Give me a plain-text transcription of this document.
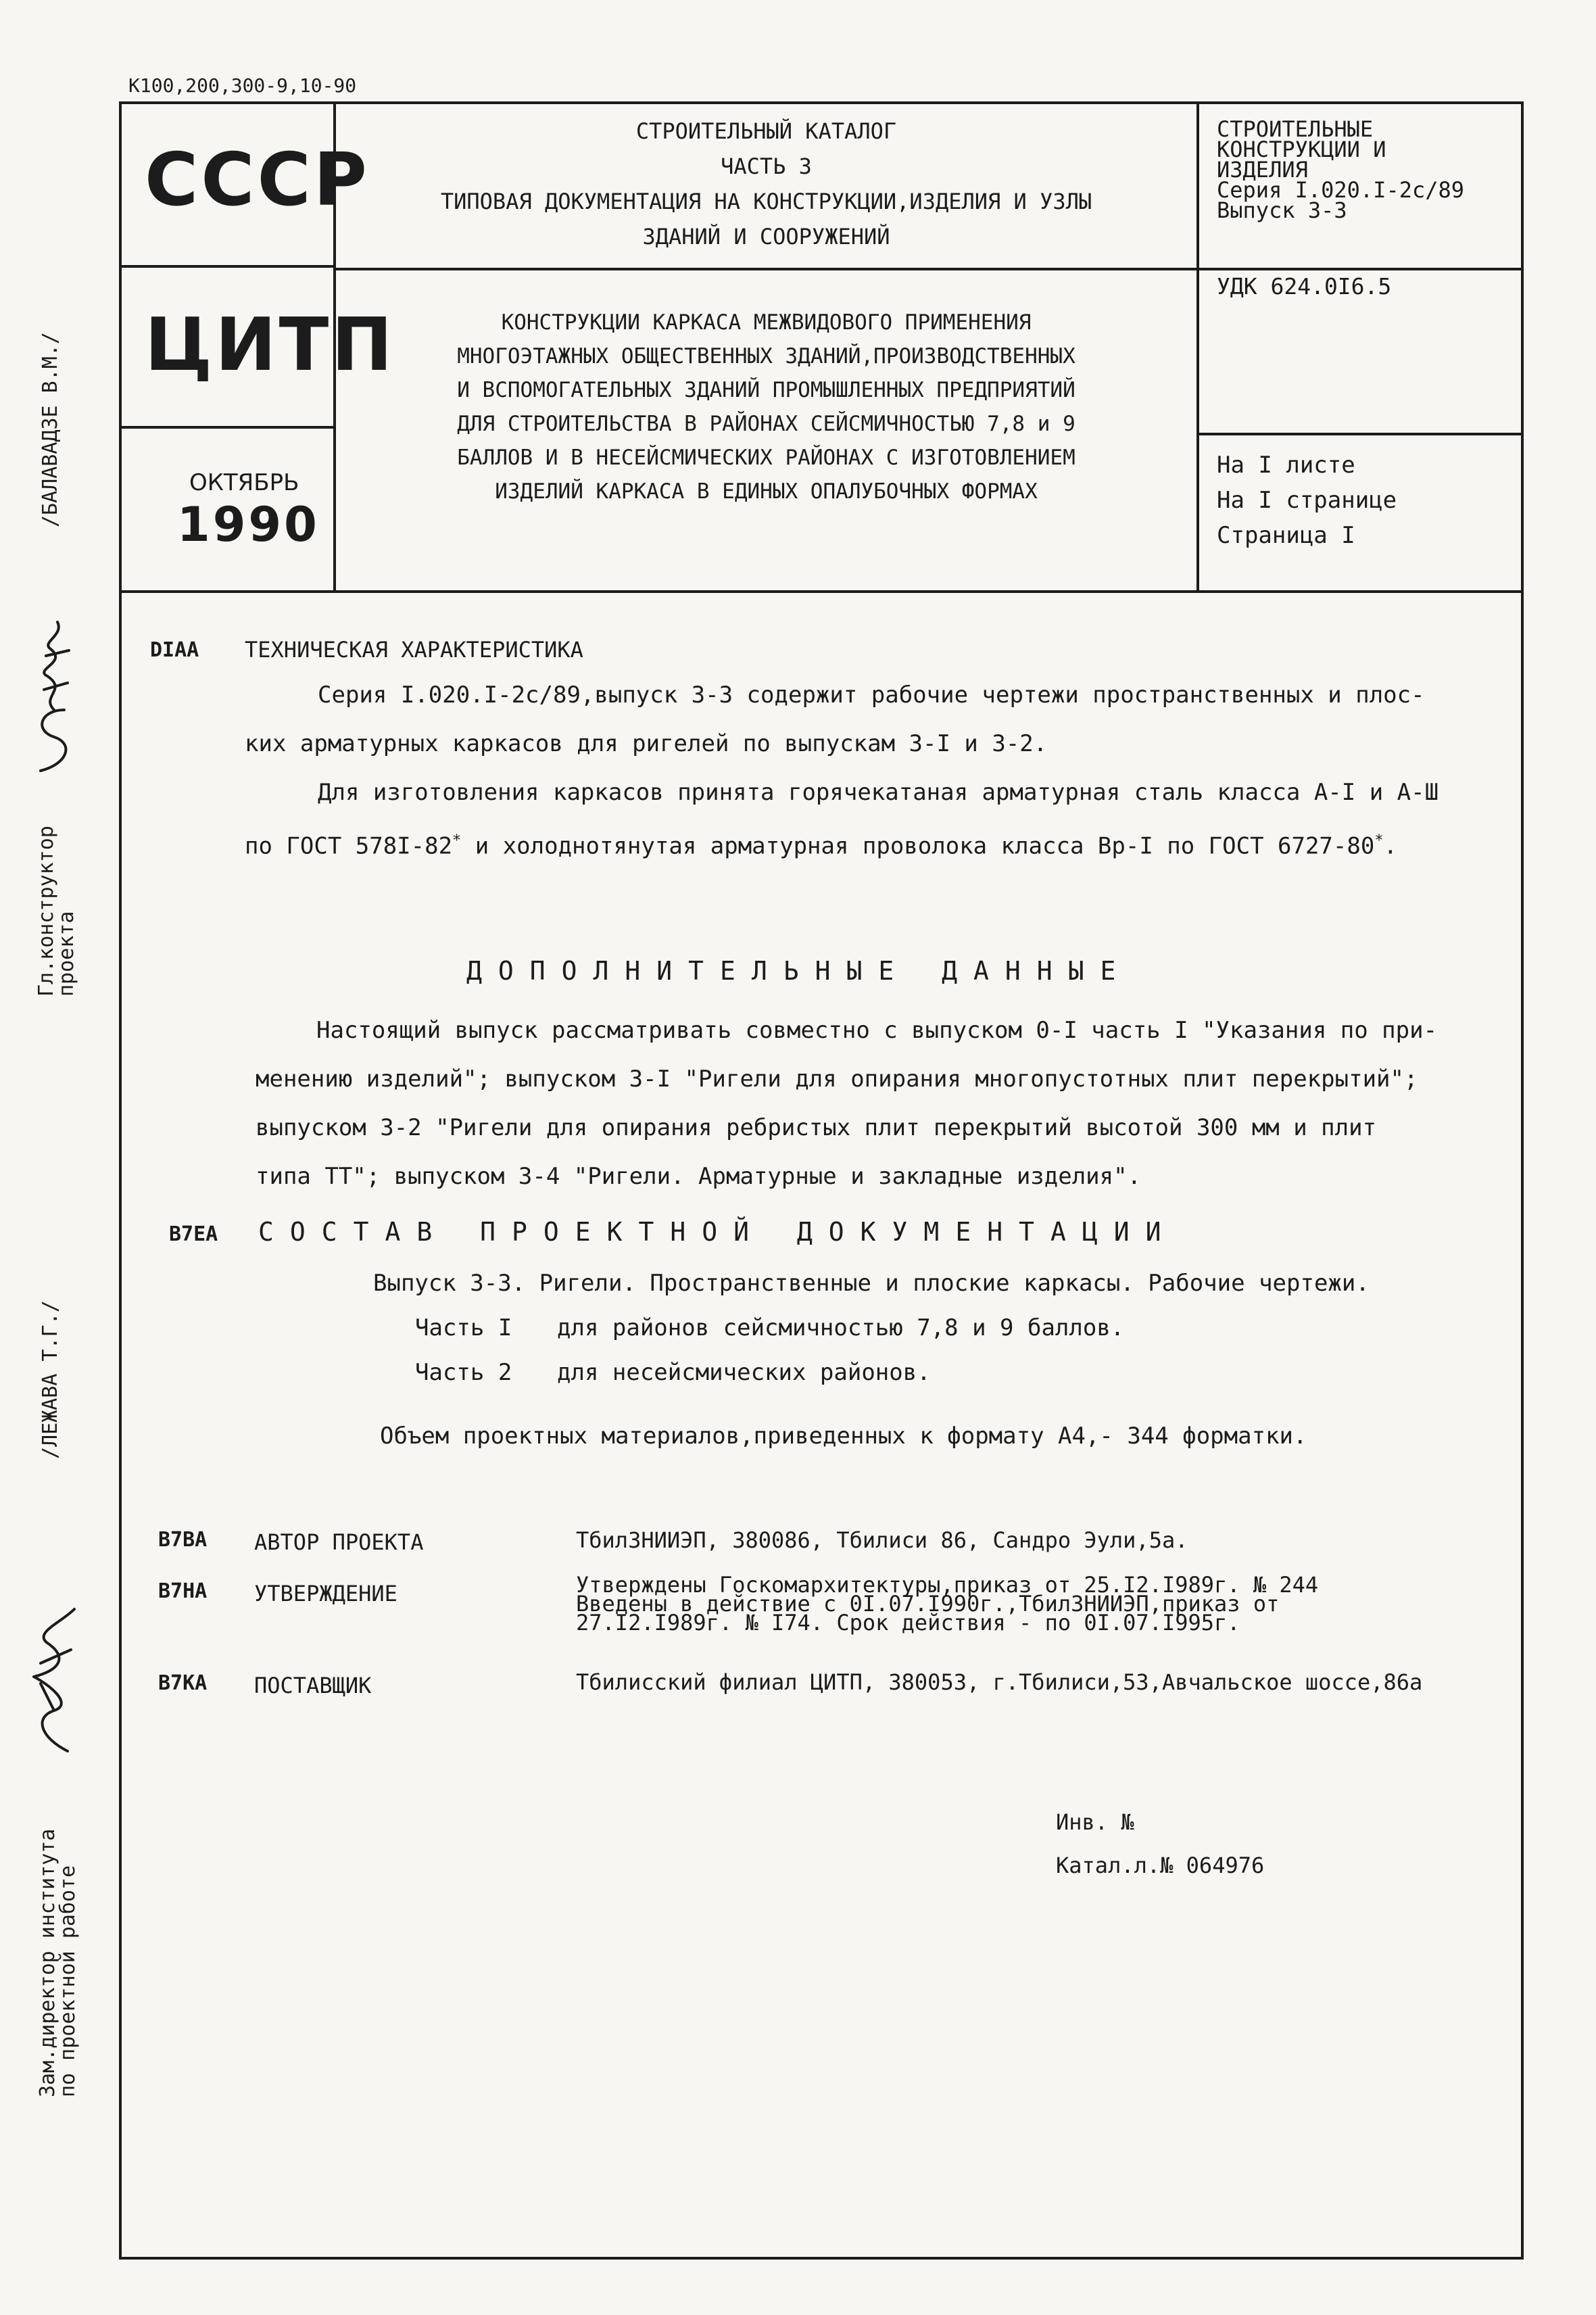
К100,200,300-9,10-90
СССР
ЦИТП
ОКТЯБРЬ
1990
СТРОИТЕЛЬНЫЙ КАТАЛОГ
ЧАСТЬ 3
ТИПОВАЯ ДОКУМЕНТАЦИЯ НА КОНСТРУКЦИИ,ИЗДЕЛИЯ И УЗЛЫ
ЗДАНИЙ И СООРУЖЕНИЙ
КОНСТРУКЦИИ КАРКАСА МЕЖВИДОВОГО ПРИМЕНЕНИЯ
МНОГОЭТАЖНЫХ ОБЩЕСТВЕННЫХ ЗДАНИЙ,ПРОИЗВОДСТВЕННЫХ
И ВСПОМОГАТЕЛЬНЫХ ЗДАНИЙ ПРОМЫШЛЕННЫХ ПРЕДПРИЯТИЙ
ДЛЯ СТРОИТЕЛЬСТВА В РАЙОНАХ СЕЙСМИЧНОСТЬЮ 7,8 и 9
БАЛЛОВ И В НЕСЕЙСМИЧЕСКИХ РАЙОНАХ С ИЗГОТОВЛЕНИЕМ
ИЗДЕЛИЙ КАРКАСА В ЕДИНЫХ ОПАЛУБОЧНЫХ ФОРМАХ
СТРОИТЕЛЬНЫЕ
КОНСТРУКЦИИ И
ИЗДЕЛИЯ
Серия I.020.I-2с/89
Выпуск 3-3
УДК 624.0I6.5
На I листе
На I странице
Страница I
DIAA ТЕХНИЧЕСКАЯ ХАРАКТЕРИСТИКА
Серия I.020.I-2с/89,выпуск 3-3 содержит рабочие чертежи пространственных и плос-
ких арматурных каркасов для ригелей по выпускам 3-I и 3-2.
Для изготовления каркасов принята горячекатаная арматурная сталь класса А-I и А-Ш
по ГОСТ 578I-82* и холоднотянутая арматурная проволока класса Вр-I по ГОСТ 6727-80*.
ДОПОЛНИТЕЛЬНЫЕ ДАННЫЕ
Настоящий выпуск рассматривать совместно с выпуском 0-I часть I "Указания по при-
менению изделий"; выпуском 3-I "Ригели для опирания многопустотных плит перекрытий";
выпуском 3-2 "Ригели для опирания ребристых плит перекрытий высотой 300 мм и плит
типа ТТ"; выпуском 3-4 "Ригели. Арматурные и закладные изделия".
В7ЕА СОСТАВ ПРОЕКТНОЙ ДОКУМЕНТАЦИИ
Выпуск 3-3. Ригели. Пространственные и плоские каркасы. Рабочие чертежи.
Часть I для районов сейсмичностью 7,8 и 9 баллов.
Часть 2 для несейсмических районов.
Объем проектных материалов,приведенных к формату А4,- 344 форматки.
В7ВА АВТОР ПРОЕКТА	ТбилЗНИИЭП, 380086, Тбилиси 86, Сандро Эули,5а.
В7НА УТВЕРЖДЕНИЕ	Утверждены Госкомархитектуры,приказ от 25.I2.I989г. № 244
Введены в действие с 0I.07.I990г.,ТбилЗНИИЭП,приказ от
27.I2.I989г. № I74. Срок действия - по 0I.07.I995г.
В7КА ПОСТАВЩИК	Тбилисский филиал ЦИТП, 380053, г.Тбилиси,53,Авчальское шоссе,86а
Инв. №
Катал.л.№ 064976
/БАЛАВАДЗЕ В.М./
Гл.конструктор
проекта
/ЛЕЖАВА Т.Г./
Зам.директор института
по проектной работе
